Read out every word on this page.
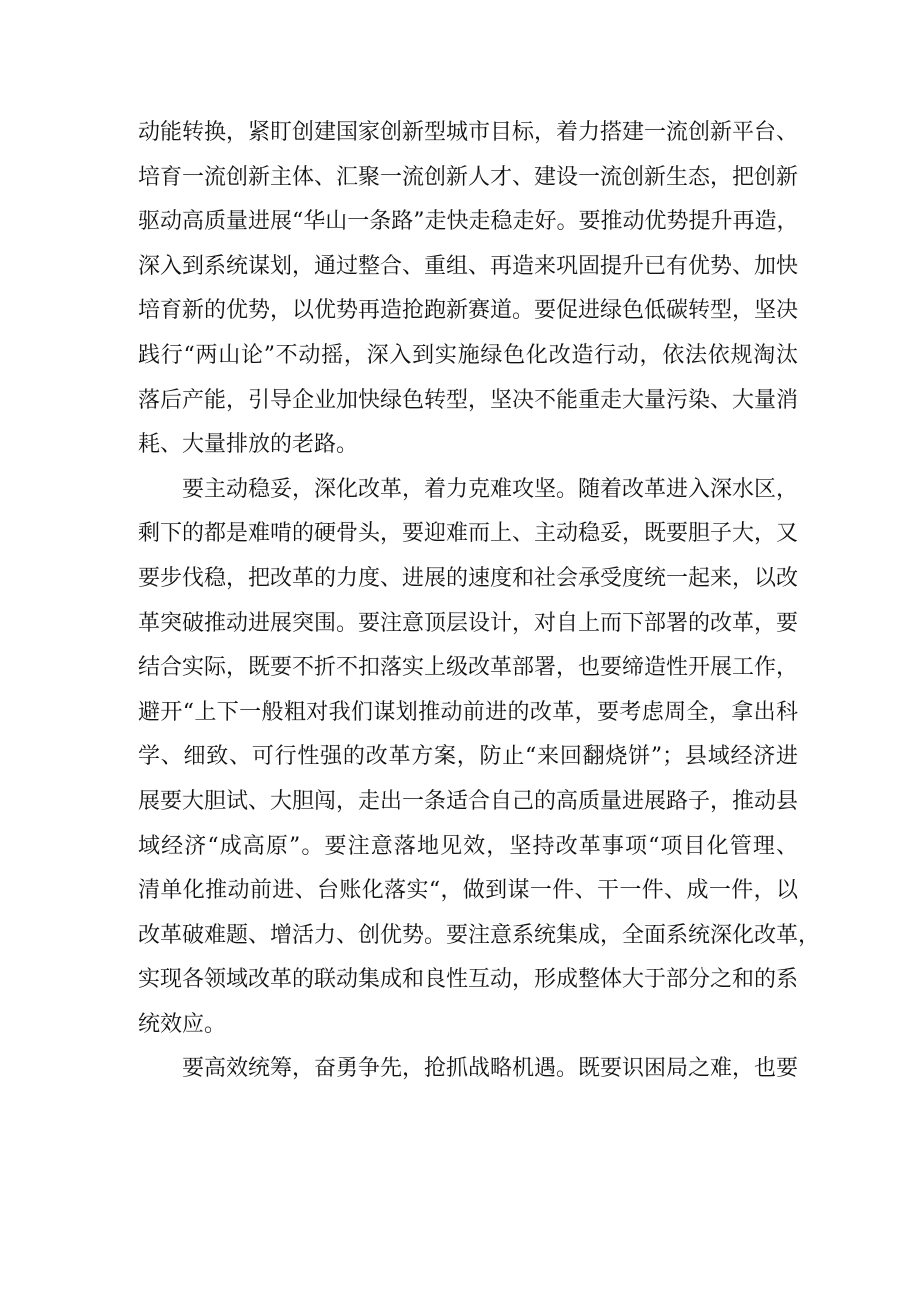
动能转换，紧盯创建国家创新型城市目标，着力搭建一流创新平台、
培育一流创新主体、汇聚一流创新人才、建设一流创新生态，把创新
驱动高质量进展“华山一条路”走快走稳走好。要推动优势提升再造，
深入到系统谋划，通过整合、重组、再造来巩固提升已有优势、加快
培育新的优势，以优势再造抢跑新赛道。要促进绿色低碳转型，坚决
践行“两山论”不动摇，深入到实施绿色化改造行动，依法依规淘汰
落后产能，引导企业加快绿色转型，坚决不能重走大量污染、大量消
耗、大量排放的老路。
要主动稳妥，深化改革，着力克难攻坚。随着改革进入深水区，
剩下的都是难啃的硬骨头，要迎难而上、主动稳妥，既要胆子大，又
要步伐稳，把改革的力度、进展的速度和社会承受度统一起来，以改
革突破推动进展突围。要注意顶层设计，对自上而下部署的改革，要
结合实际，既要不折不扣落实上级改革部署，也要缔造性开展工作，
避开“上下一般粗对我们谋划推动前进的改革，要考虑周全，拿出科
学、细致、可行性强的改革方案，防止“来回翻烧饼”；县域经济进
展要大胆试、大胆闯，走出一条适合自己的高质量进展路子，推动县
域经济“成高原”。要注意落地见效，坚持改革事项“项目化管理、
清单化推动前进、台账化落实“，做到谋一件、干一件、成一件，以
改革破难题、增活力、创优势。要注意系统集成，全面系统深化改革，
实现各领域改革的联动集成和良性互动，形成整体大于部分之和的系
统效应。
要高效统筹，奋勇争先，抢抓战略机遇。既要识困局之难，也要
